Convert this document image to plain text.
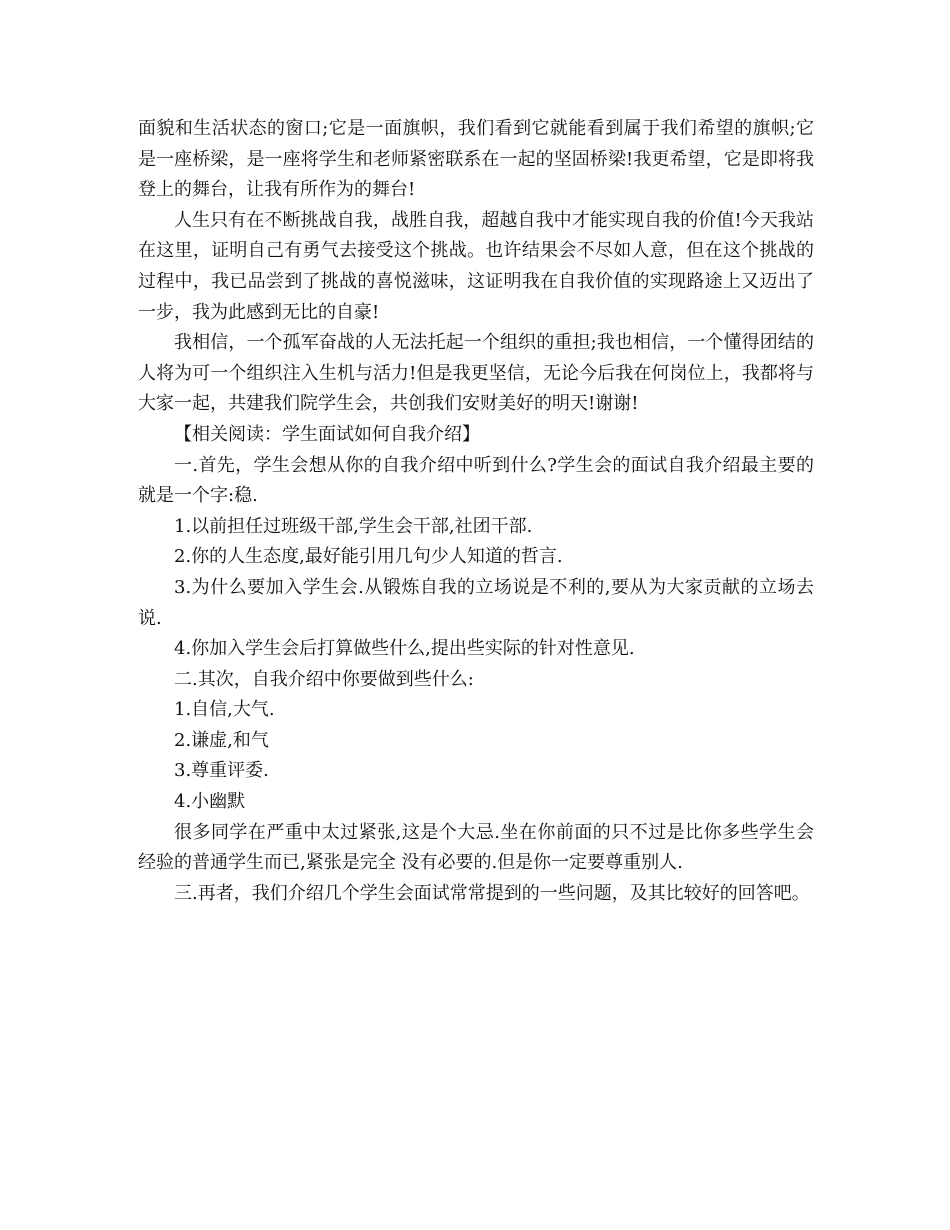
面貌和生活状态的窗口;它是一面旗帜，我们看到它就能看到属于我们希望的旗帜;它是一座桥梁，是一座将学生和老师紧密联系在一起的坚固桥梁!我更希望，它是即将我登上的舞台，让我有所作为的舞台!

人生只有在不断挑战自我，战胜自我，超越自我中才能实现自我的价值!今天我站在这里，证明自己有勇气去接受这个挑战。也许结果会不尽如人意，但在这个挑战的过程中，我已品尝到了挑战的喜悦滋味，这证明我在自我价值的实现路途上又迈出了一步，我为此感到无比的自豪!

我相信，一个孤军奋战的人无法托起一个组织的重担;我也相信，一个懂得团结的人将为可一个组织注入生机与活力!但是我更坚信，无论今后我在何岗位上，我都将与大家一起，共建我们院学生会，共创我们安财美好的明天!谢谢!

【相关阅读：学生面试如何自我介绍】

一.首先，学生会想从你的自我介绍中听到什么?学生会的面试自我介绍最主要的就是一个字:稳.

1.以前担任过班级干部,学生会干部,社团干部.

2.你的人生态度,最好能引用几句少人知道的哲言.

3.为什么要加入学生会.从锻炼自我的立场说是不利的,要从为大家贡献的立场去说.

4.你加入学生会后打算做些什么,提出些实际的针对性意见.

二.其次，自我介绍中你要做到些什么:

1.自信,大气.

2.谦虚,和气

3.尊重评委.

4.小幽默

很多同学在严重中太过紧张,这是个大忌.坐在你前面的只不过是比你多些学生会经验的普通学生而已,紧张是完全 没有必要的.但是你一定要尊重别人.

三.再者，我们介绍几个学生会面试常常提到的一些问题，及其比较好的回答吧。
